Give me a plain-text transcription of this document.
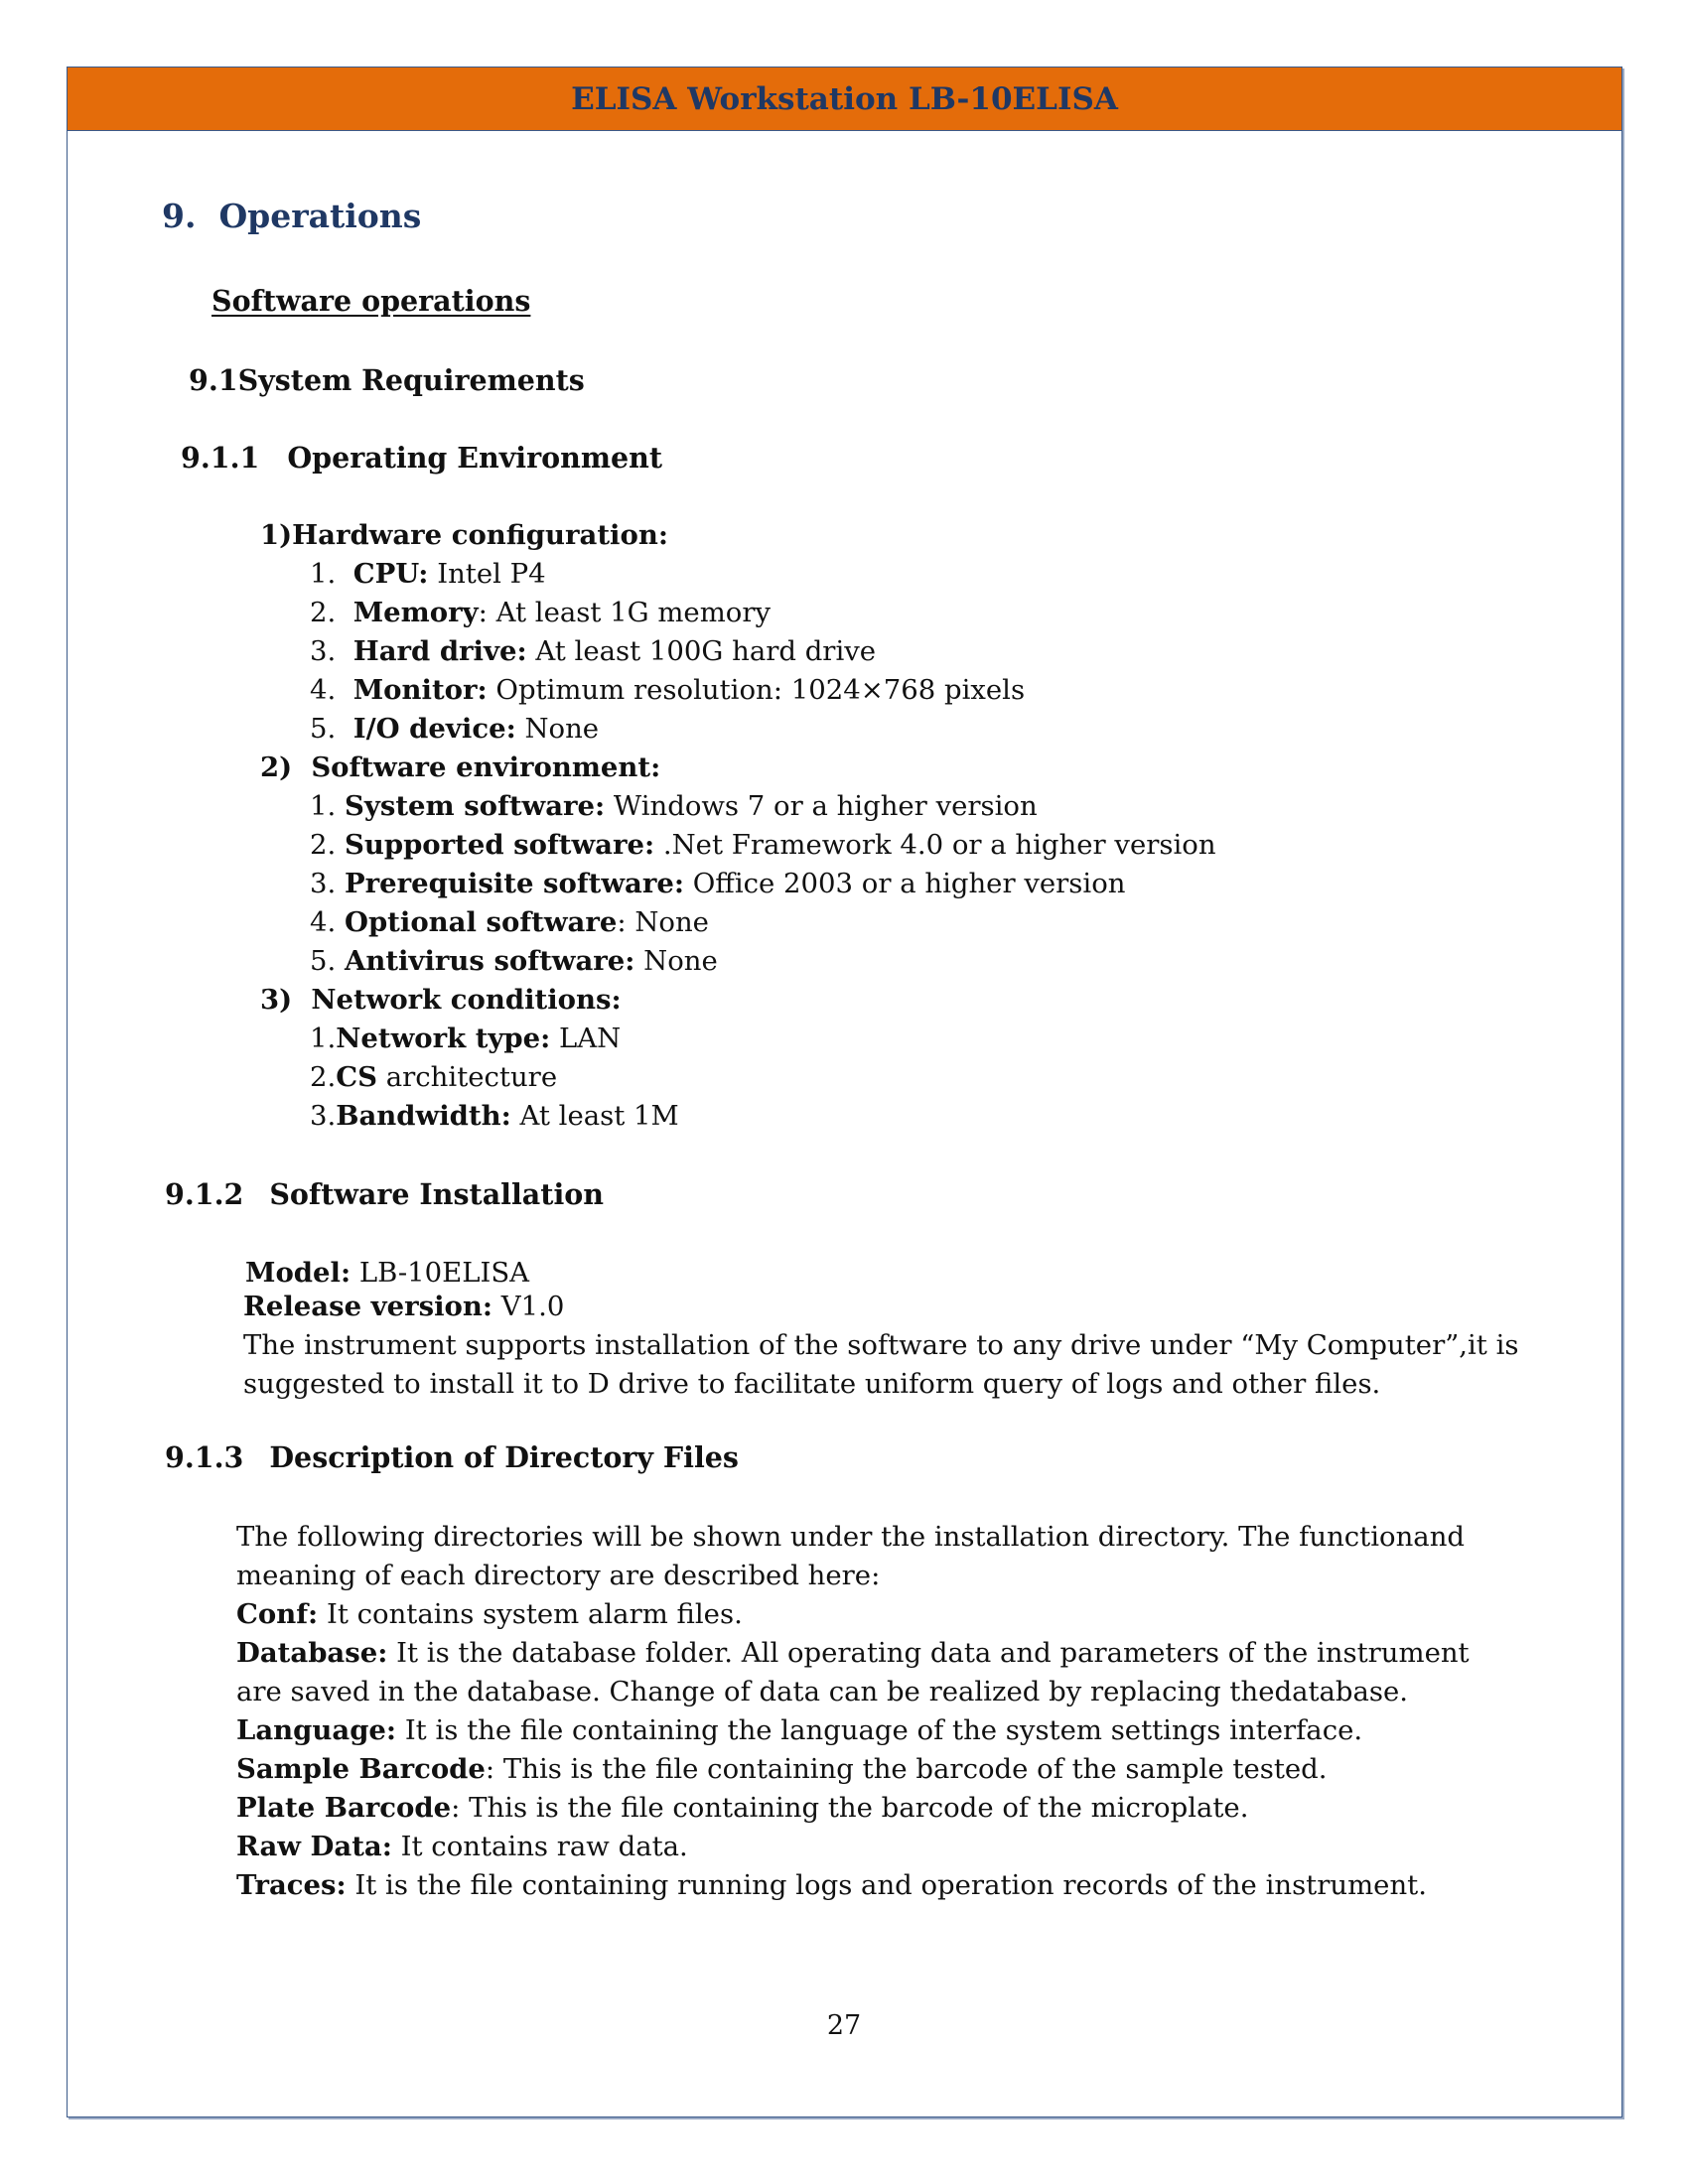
ELISA Workstation LB-10ELISA
9. Operations
Software operations
9.1System Requirements
9.1.1 Operating Environment
1)Hardware configuration:
1. CPU: Intel P4
2. Memory: At least 1G memory
3. Hard drive: At least 100G hard drive
4. Monitor: Optimum resolution: 1024×768 pixels
5. I/O device: None
2) Software environment:
1. System software: Windows 7 or a higher version
2. Supported software: .Net Framework 4.0 or a higher version
3. Prerequisite software: Office 2003 or a higher version
4. Optional software: None
5. Antivirus software: None
3) Network conditions:
1.Network type: LAN
2.CS architecture
3.Bandwidth: At least 1M
9.1.2 Software Installation
Model: LB-10ELISA
Release version: V1.0
The instrument supports installation of the software to any drive under “My Computer”,it is
suggested to install it to D drive to facilitate uniform query of logs and other files.
9.1.3 Description of Directory Files
The following directories will be shown under the installation directory. The functionand
meaning of each directory are described here:
Conf: It contains system alarm files.
Database: It is the database folder. All operating data and parameters of the instrument
are saved in the database. Change of data can be realized by replacing thedatabase.
Language: It is the file containing the language of the system settings interface.
Sample Barcode: This is the file containing the barcode of the sample tested.
Plate Barcode: This is the file containing the barcode of the microplate.
Raw Data: It contains raw data.
Traces: It is the file containing running logs and operation records of the instrument.
27
